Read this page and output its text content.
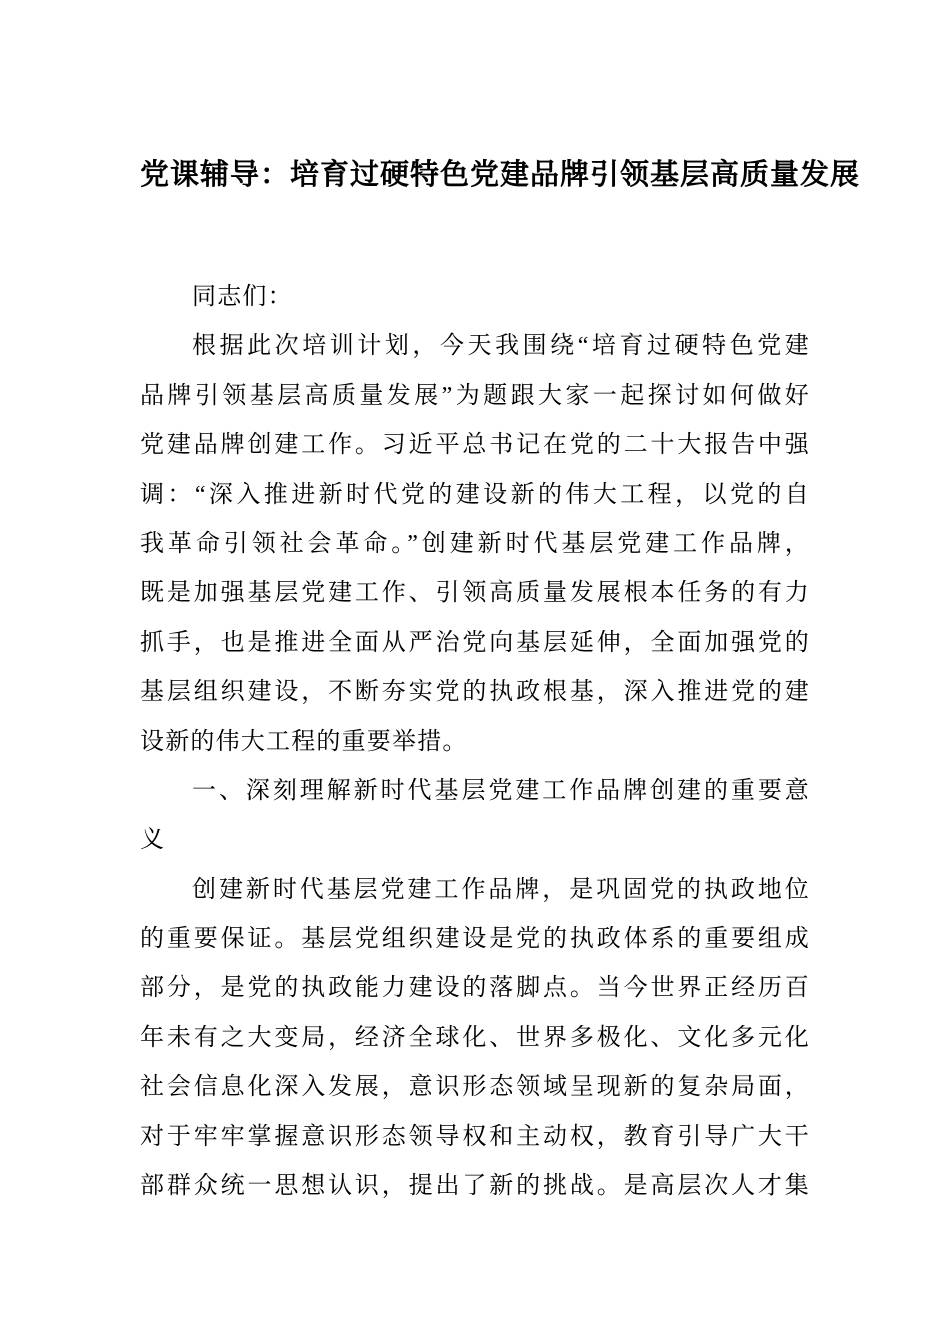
党课辅导：培育过硬特色党建品牌引领基层高质量发展
同志们：
根据此次培训计划，今天我围绕“培育过硬特色党建
品牌引领基层高质量发展”为题跟大家一起探讨如何做好
党建品牌创建工作。习近平总书记在党的二十大报告中强
调：“深入推进新时代党的建设新的伟大工程，以党的自
我革命引领社会革命。”创建新时代基层党建工作品牌，
既是加强基层党建工作、引领高质量发展根本任务的有力
抓手，也是推进全面从严治党向基层延伸，全面加强党的
基层组织建设，不断夯实党的执政根基，深入推进党的建
设新的伟大工程的重要举措。
一、深刻理解新时代基层党建工作品牌创建的重要意
义
创建新时代基层党建工作品牌，是巩固党的执政地位
的重要保证。基层党组织建设是党的执政体系的重要组成
部分，是党的执政能力建设的落脚点。当今世界正经历百
年未有之大变局，经济全球化、世界多极化、文化多元化
社会信息化深入发展，意识形态领域呈现新的复杂局面，
对于牢牢掌握意识形态领导权和主动权，教育引导广大干
部群众统一思想认识，提出了新的挑战。是高层次人才集
